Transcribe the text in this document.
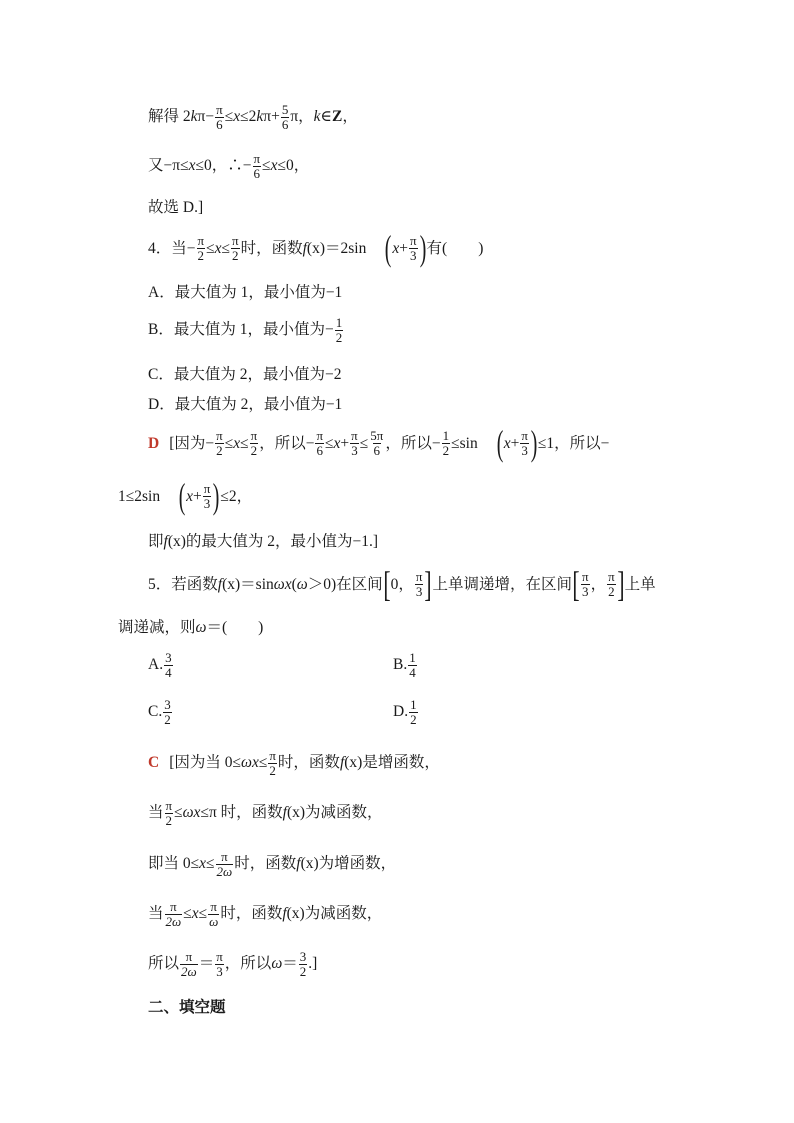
解得 2 k $\pi- \frac{\pi}{6} \le x \le 2$ k $\pi+ \frac{5}{6}$ π， k ∈ Z ，
又−π≤ x ≤0，∴− $\frac{\pi}{6} \le x \le 0$，
故选 D.]
4．当− $\frac{\pi}{2} \le x \le \frac{\pi}{2}$ 时，函数 f (x) ＝2sin ( $x + \frac{\pi}{3}$ ) 有(　　)
A．最大值为 1，最小值为−1
B．最大值为 1，最小值为− $\frac{1}{2}$
C．最大值为 2，最小值为−2
D．最大值为 2，最小值为−1
D [因为− $\frac{\pi}{2} \le x \le \frac{\pi}{2}$ ，所以− $\frac{\pi}{6} \le x + \frac{\pi}{3} \le \frac{5\pi}{6}$ ，所以− $\frac{1}{2} \le\sin$ ( $x + \frac{\pi}{3}$ ) ≤1，所以−
1≤2sin ( $x + \frac{\pi}{3}$ ) ≤2，
即 f (x) 的最大值为 2，最小值为−1.]
5．若函数 f (x) ＝sin ωx ( ω ＞0)在区间 [ 0， $\frac{\pi}{3}$ ] 上单调递增，在区间 [ $\frac{\pi}{3}$ ， $\frac{\pi}{2}$ ] 上单
调递减，则 ω ＝(　　)
A. $\frac{3}{4}$	B. $\frac{1}{4}$
C. $\frac{3}{2}$	D. $\frac{1}{2}$
C [因为当 $0\le \omega x \le \frac{\pi}{2}$ 时，函数 f (x) 是增函数，
当 $\frac{\pi}{2} \le \omega x \le\pi$ 时，函数 f (x) 为减函数，
即当 $0\le x \le \frac{\pi}{2\omega}$ 时，函数 f (x) 为增函数，
当 $\frac{\pi}{2\omega} \le x \le \frac{\pi}{\omega}$ 时，函数 f (x) 为减函数，
所以 $\frac{\pi}{2\omega} = \frac{\pi}{3}$ ，所以 $\omega = \frac{3}{2}$ .]
二、填空题
